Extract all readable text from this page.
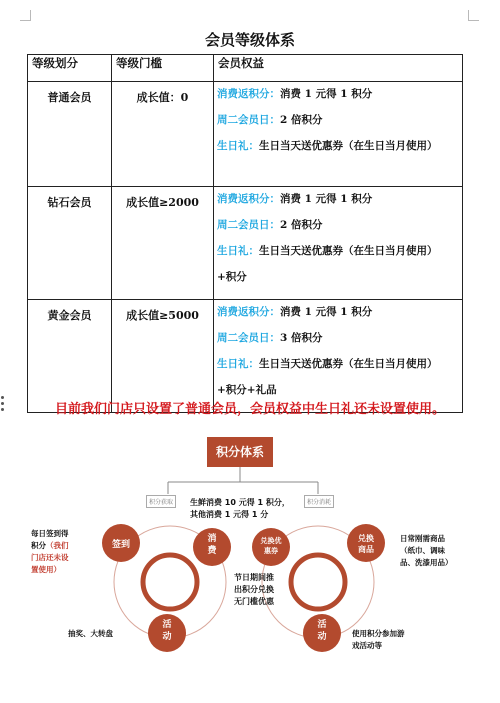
会员等级体系
等级划分	等级门槛	会员权益
普通会员	成长值：0	消费返积分：消费 1 元得 1 积分
周二会员日：2 倍积分
生日礼：生日当天送优惠券（在生日当月使用）

钻石会员	成长值≥2000	消费返积分：消费 1 元得 1 积分
周二会员日：2 倍积分
生日礼：生日当天送优惠券（在生日当月使用）
+积分

黄金会员	成长值≥5000	消费返积分：消费 1 元得 1 积分
周二会员日：3 倍积分
生日礼：生日当天送优惠券（在生日当月使用）
+积分+礼品
目前我们门店只设置了普通会员，会员权益中生日礼还未设置使用。
积分体系
积分获取	积分消耗
生鲜消费 10 元得 1 积分，
其他消费 1 元得 1 分
每日签到得
积分（我们
门店还未设
置使用）
签到
消
费
活
动
兑换优
惠券
兑换
商品
活
动
节日期间推
出积分兑换
无门槛优惠
日常刚需商品
（纸巾、调味
品、洗漆用品）
抽奖、大转盘	使用积分参加游
戏活动等
